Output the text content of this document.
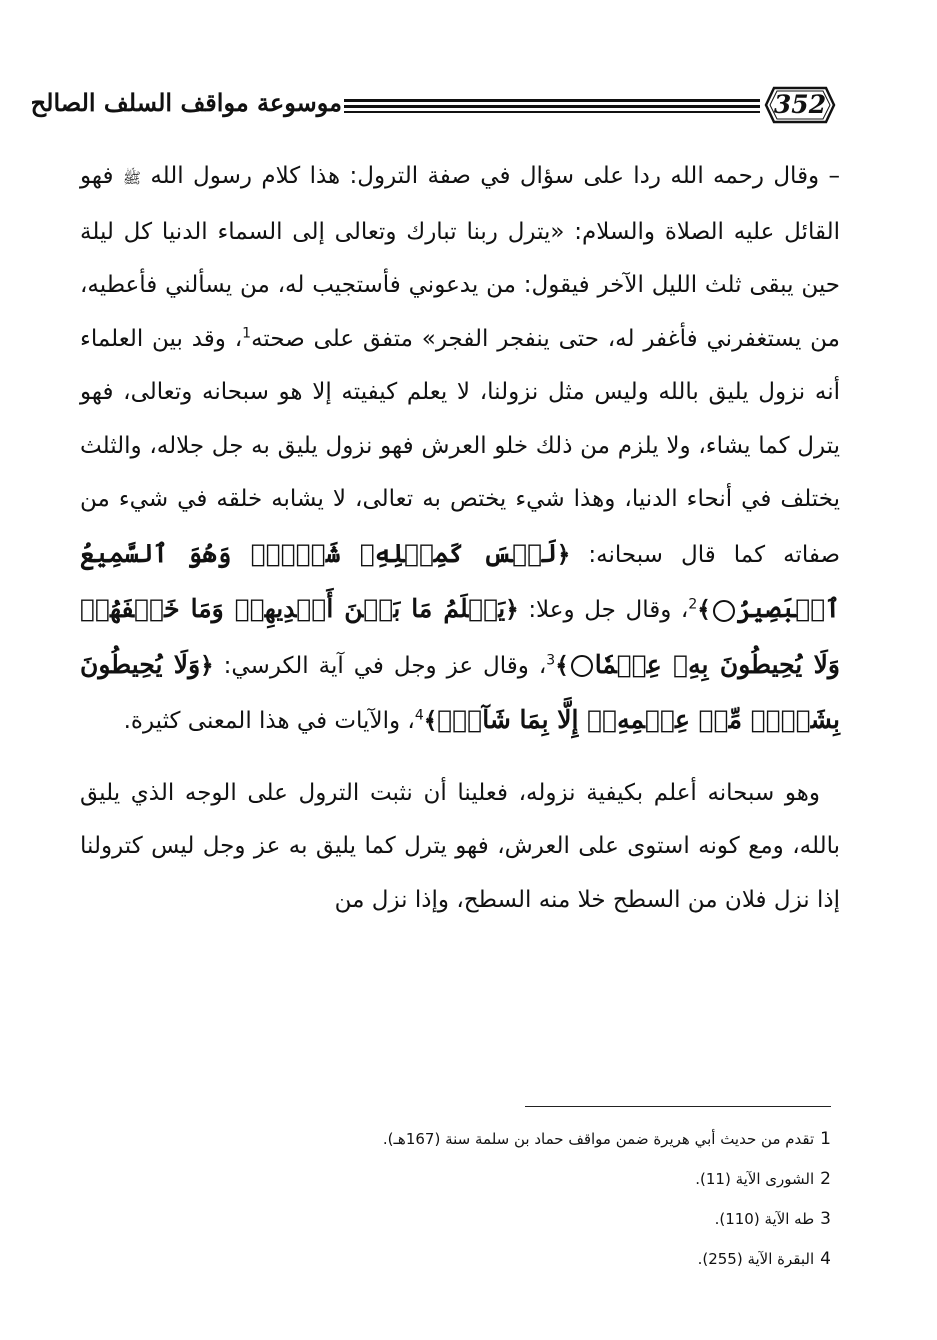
موسوعة مواقف السلف الصالح	352

– وقال رحمه الله ردا على سؤال في صفة الترول: هذا كلام رسول الله ﷺ فهو القائل عليه الصلاة والسلام: «يترل ربنا تبارك وتعالى إلى السماء الدنيا كل ليلة حين يبقى ثلث الليل الآخر فيقول: من يدعوني فأستجيب له، من يسألني فأعطيه، من يستغفرني فأغفر له، حتى ينفجر الفجر» متفق على صحته$^1$، وقد بين العلماء أنه نزول يليق بالله وليس مثل نزولنا، لا يعلم كيفيته إلا هو سبحانه وتعالى، فهو يترل كما يشاء، ولا يلزم من ذلك خلو العرش فهو نزول يليق به جل جلاله، والثلث يختلف في أنحاء الدنيا، وهذا شيء يختص به تعالى، لا يشابه خلقه في شيء من صفاته كما قال سبحانه: ﴿لَيۡسَ كَمِثۡلِهِۦ شَيۡءٞۖ وَهُوَ ٱلسَّمِيعُ ٱلۡبَصِيرُ﴾$^2$، وقال جل وعلا: ﴿يَعۡلَمُ مَا بَيۡنَ أَيۡدِيهِمۡ وَمَا خَلۡفَهُمۡ وَلَا يُحِيطُونَ بِهِۦ عِلۡمٗا﴾$^3$، وقال عز وجل في آية الكرسي: ﴿وَلَا يُحِيطُونَ بِشَيۡءٖ مِّنۡ عِلۡمِهِۦٓ إِلَّا بِمَا شَآءَۚ﴾$^4$، والآيات في هذا المعنى كثيرة.

وهو سبحانه أعلم بكيفية نزوله، فعلينا أن نثبت الترول على الوجه الذي يليق بالله، ومع كونه استوى على العرش، فهو يترل كما يليق به عز وجل ليس كترولنا إذا نزل فلان من السطح خلا منه السطح، وإذا نزل من

1تقدم من حديث أبي هريرة ضمن مواقف حماد بن سلمة سنة (167هـ).
2الشورى الآية (11).
3طه الآية (110).
4البقرة الآية (255).
